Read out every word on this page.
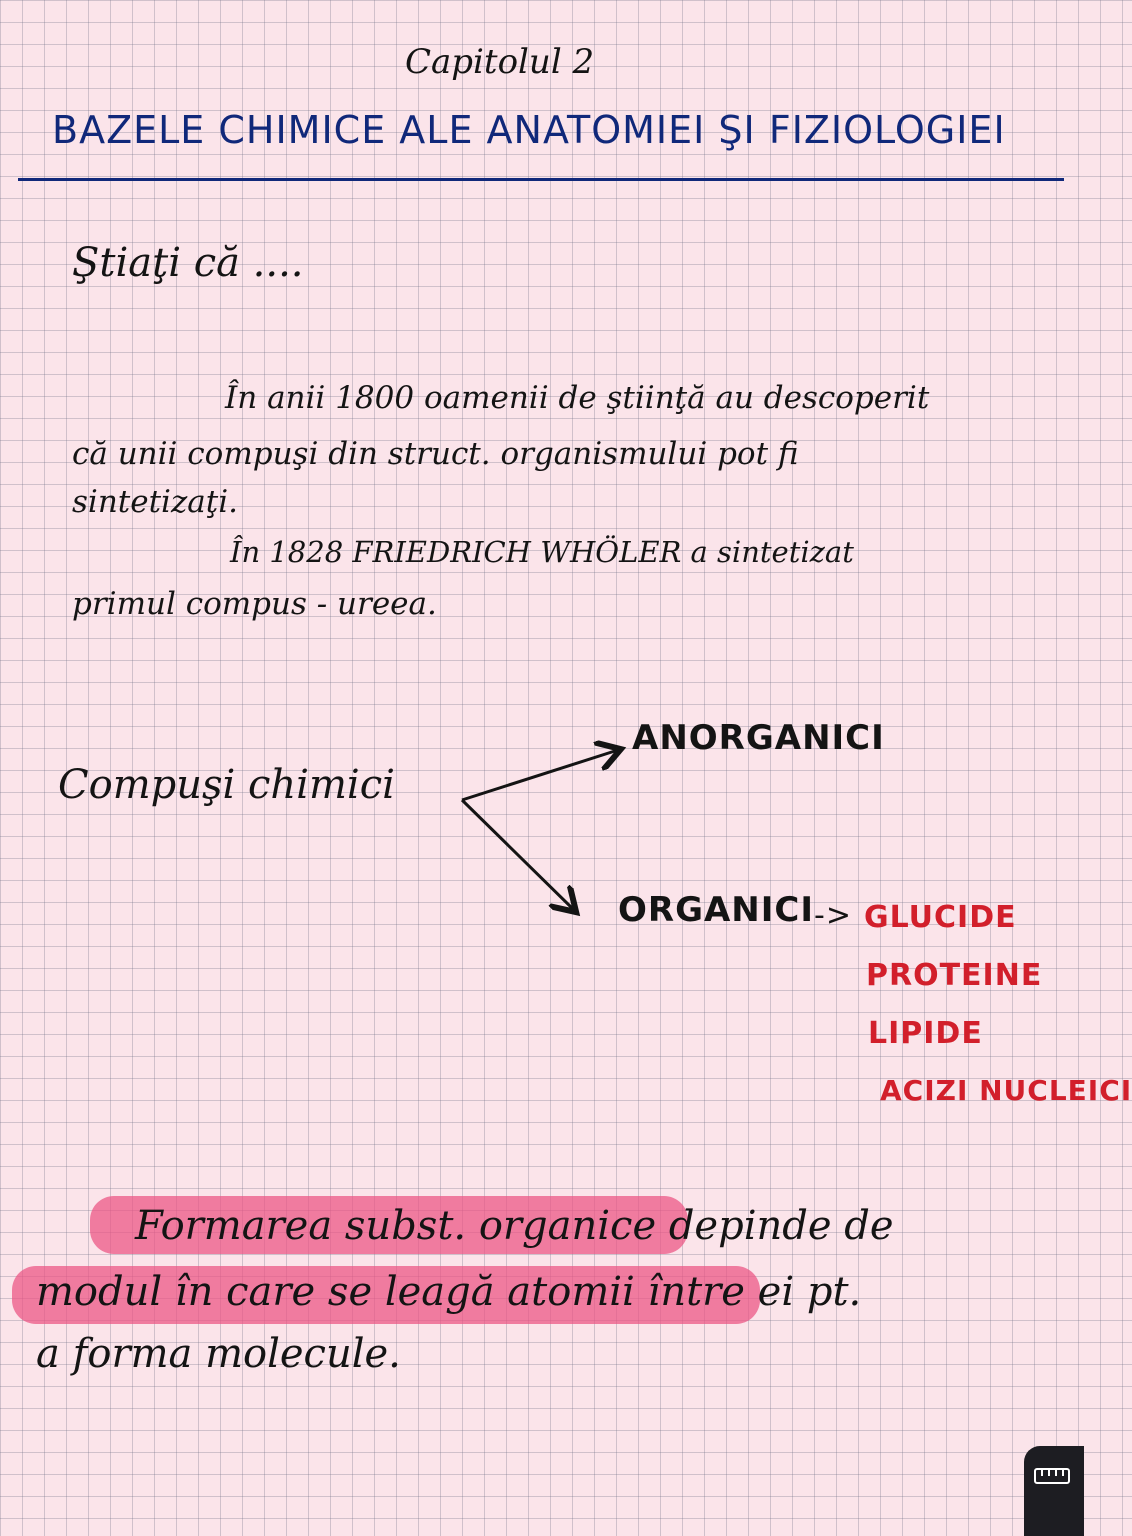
Capitolul 2
BAZELE CHIMICE ALE ANATOMIEI ŞI FIZIOLOGIEI
Ştiaţi că ....
În anii 1800 oamenii de ştiinţă au descoperit
că unii compuşi din struct. organismului pot fi
sintetizaţi.
În 1828 FRIEDRICH WHÖLER a sintetizat
primul compus - ureea.
Compuşi chimici
ANORGANICI
ORGANICI -> GLUCIDE
PROTEINE
LIPIDE
ACIZI NUCLEICI
Formarea subst. organice depinde de
modul în care se leagă atomii între ei pt.
a forma molecule.
